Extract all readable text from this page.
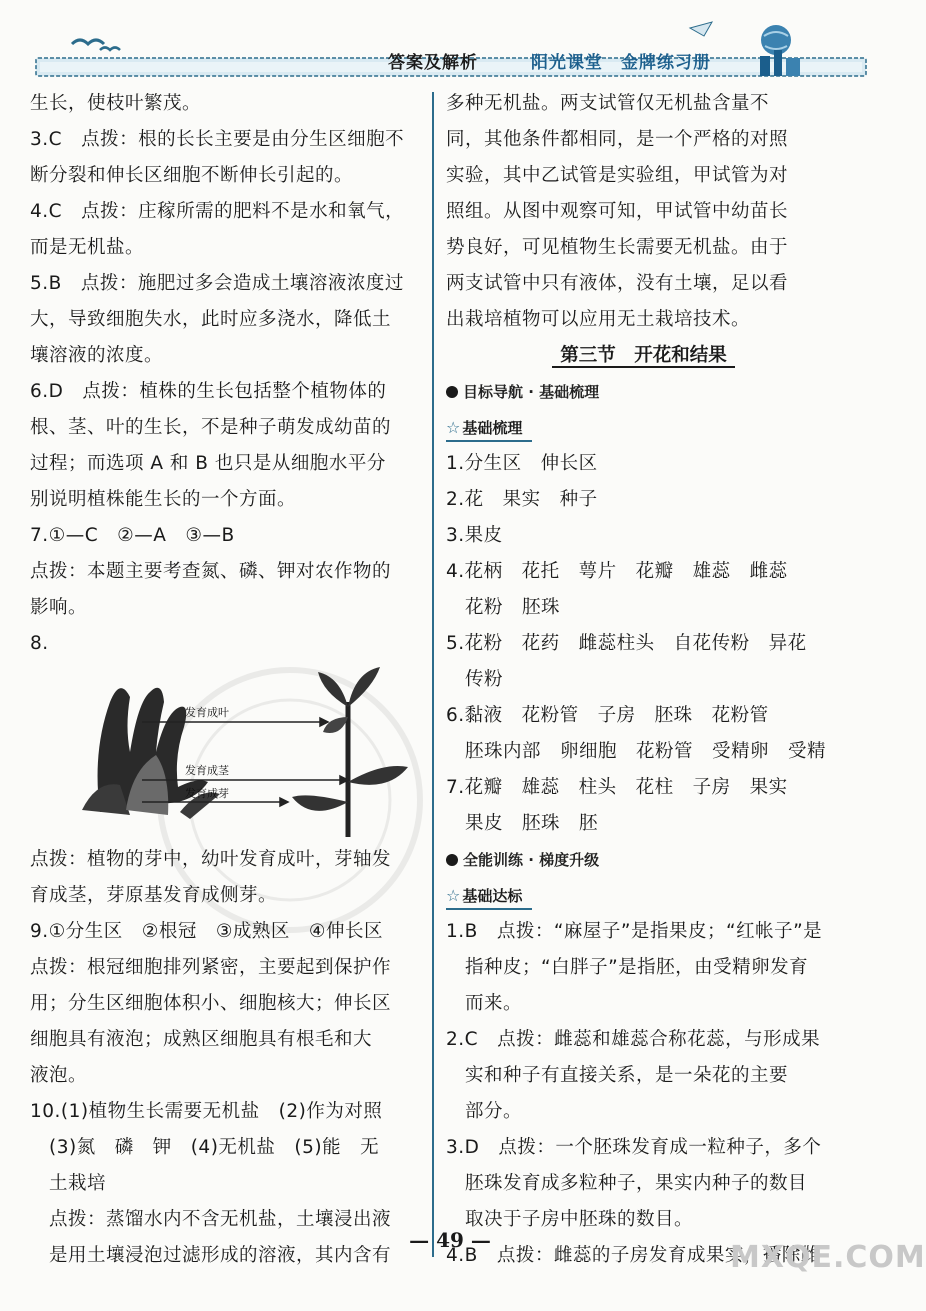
答案及解析	阳光课堂　金牌练习册
生长，使枝叶繁茂。
3.C　点拨：根的长长主要是由分生区细胞不
断分裂和伸长区细胞不断伸长引起的。
4.C　点拨：庄稼所需的肥料不是水和氧气，
而是无机盐。
5.B　点拨：施肥过多会造成土壤溶液浓度过
大，导致细胞失水，此时应多浇水，降低土
壤溶液的浓度。
6.D　点拨：植株的生长包括整个植物体的
根、茎、叶的生长，不是种子萌发成幼苗的
过程；而选项 A 和 B 也只是从细胞水平分
别说明植株能生长的一个方面。
7.①—C　②—A　③—B
点拨：本题主要考查氮、磷、钾对农作物的
影响。
8.
发育成叶
发育成茎
发育成芽
点拨：植物的芽中，幼叶发育成叶，芽轴发
育成茎，芽原基发育成侧芽。
9.①分生区　②根冠　③成熟区　④伸长区
点拨：根冠细胞排列紧密，主要起到保护作
用；分生区细胞体积小、细胞核大；伸长区
细胞具有液泡；成熟区细胞具有根毛和大
液泡。
10.(1)植物生长需要无机盐　(2)作为对照
　(3)氮　磷　钾　(4)无机盐　(5)能　无
　土栽培
　点拨：蒸馏水内不含无机盐，土壤浸出液
　是用土壤浸泡过滤形成的溶液，其内含有
多种无机盐。两支试管仅无机盐含量不
同，其他条件都相同，是一个严格的对照
实验，其中乙试管是实验组，甲试管为对
照组。从图中观察可知，甲试管中幼苗长
势良好，可见植物生长需要无机盐。由于
两支试管中只有液体，没有土壤，足以看
出栽培植物可以应用无土栽培技术。
第三节　开花和结果
目标导航 · 基础梳理
☆ 基础梳理
1.分生区　伸长区
2.花　果实　种子
3.果皮
4.花柄　花托　萼片　花瓣　雄蕊　雌蕊
　花粉　胚珠
5.花粉　花药　雌蕊柱头　自花传粉　异花
　传粉
6.黏液　花粉管　子房　胚珠　花粉管
　胚珠内部　卵细胞　花粉管　受精卵　受精
7.花瓣　雄蕊　柱头　花柱　子房　果实
　果皮　胚珠　胚
全能训练 · 梯度升级
☆ 基础达标
1.B　点拨：“麻屋子”是指果皮；“红帐子”是
　指种皮；“白胖子”是指胚，由受精卵发育
　而来。
2.C　点拨：雌蕊和雄蕊合称花蕊，与形成果
　实和种子有直接关系，是一朵花的主要
　部分。
3.D　点拨：一个胚珠发育成一粒种子，多个
　胚珠发育成多粒种子，果实内种子的数目
　取决于子房中胚珠的数目。
4.B　点拨：雌蕊的子房发育成果实，播除雌
— 49 —	MXQE.COM
